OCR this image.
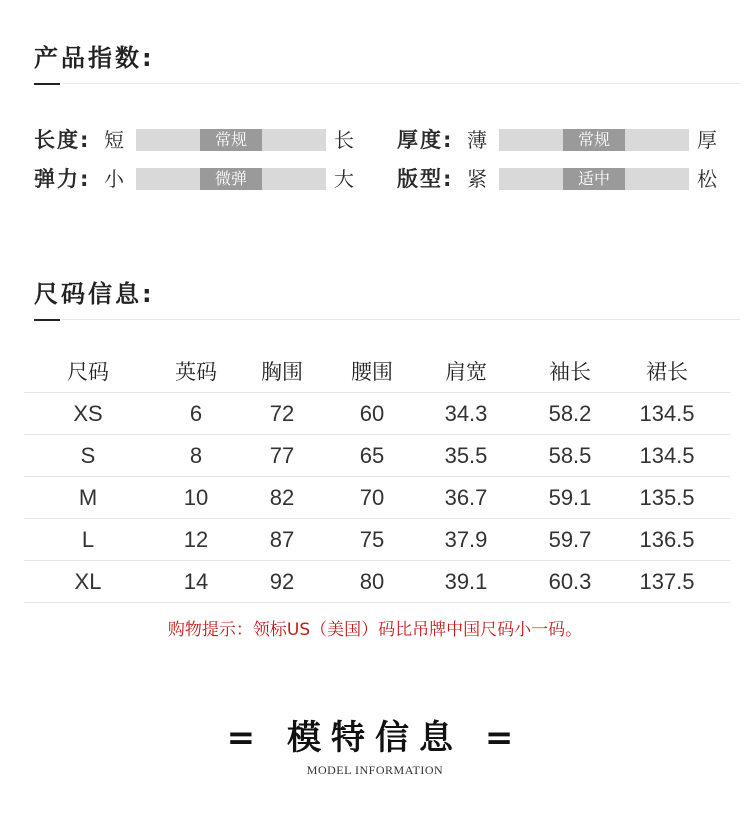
产品指数:
长度: 短	常规	长 厚度: 薄	常规	厚
弹力: 小	微弹	大 版型: 紧	适中	松
尺码信息:
尺码	英码	胸围	腰围	肩宽	袖长	裙长
XS	6	72	60	34.3	58.2	134.5
S	8	77	65	35.5	58.5	134.5
M	10	82	70	36.7	59.1	135.5
L	12	87	75	37.9	59.7	136.5
XL	14	92	80	39.1	60.3	137.5
购物提示：领标US（美国）码比吊牌中国尺码小一码。
= 模特信息 =
MODEL INFORMATION
